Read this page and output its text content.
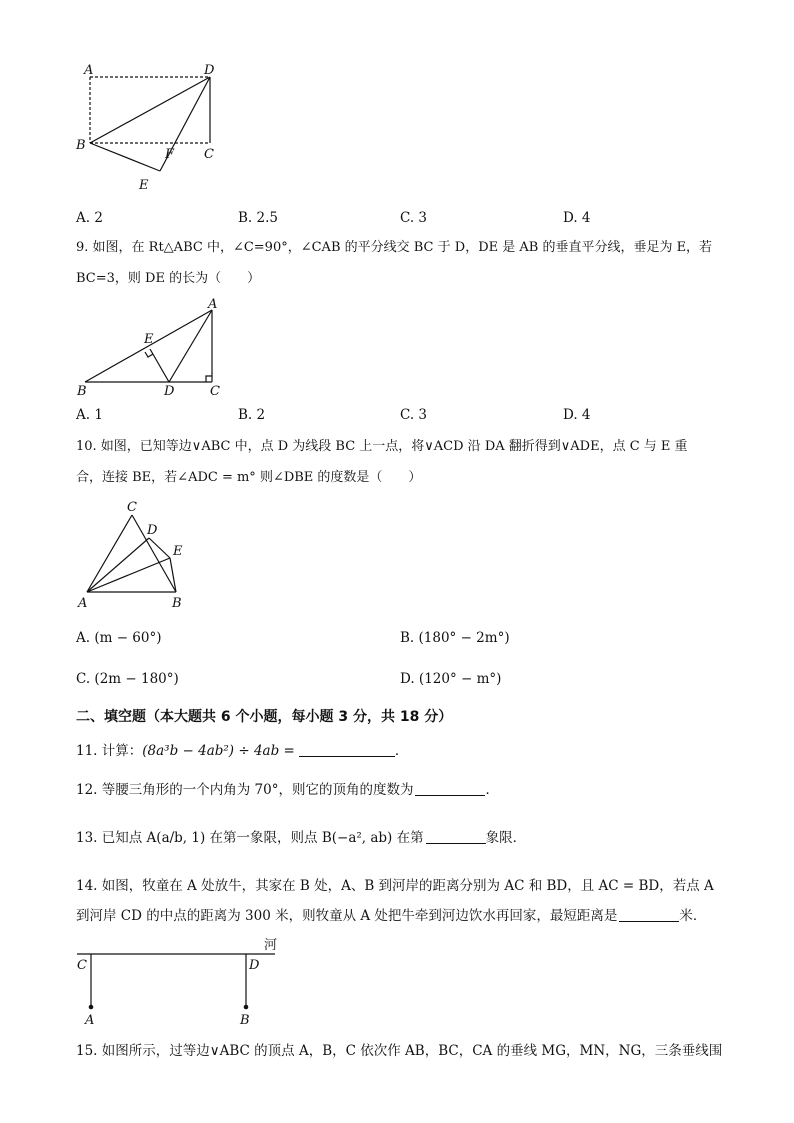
A	D
B
F C
E
A. 2	B. 2.5	C. 3	D. 4
9. 如图，在 Rt△ABC 中，∠C=90°，∠CAB 的平分线交 BC 于 D，DE 是 AB 的垂直平分线，垂足为 E，若
BC=3，则 DE 的长为（　　）
A
E
B	D	C
A. 1	B. 2	C. 3	D. 4
10. 如图，已知等边∨ABC 中，点 D 为线段 BC 上一点，将∨ACD 沿 DA 翻折得到∨ADE，点 C 与 E 重
合，连接 BE，若∠ADC = m° 则∠DBE 的度数是（　　）
C
D
E
A	B
A. (m − 60°)	B. (180° − 2m°)
C. (2m − 180°)	D. (120° − m°)
二、填空题（本大题共 6 个小题，每小题 3 分，共 18 分）
11. 计算：(8a³b − 4ab²) ÷ 4ab =	．
12. 等腰三角形的一个内角为 70°，则它的顶角的度数为	．
13. 已知点 A(a/b, 1) 在第一象限，则点 B(−a², ab) 在第	象限．
14. 如图，牧童在 A 处放牛，其家在 B 处，A、B 到河岸的距离分别为 AC 和 BD，且 AC = BD，若点 A
到河岸 CD 的中点的距离为 300 米，则牧童从 A 处把牛牵到河边饮水再回家，最短距离是	米．
河
C	D
A	B
15. 如图所示，过等边∨ABC 的顶点 A，B，C 依次作 AB，BC，CA 的垂线 MG，MN，NG，三条垂线围
